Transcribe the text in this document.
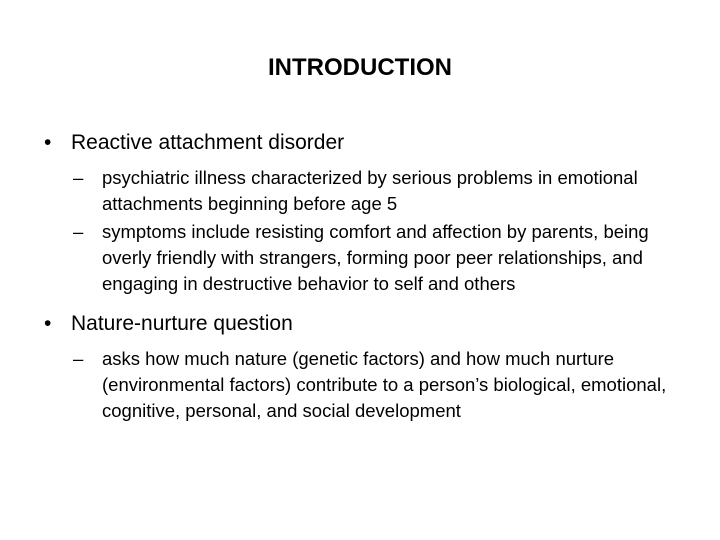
INTRODUCTION
• Reactive attachment disorder
–	psychiatric illness characterized by serious problems in emotional attachments beginning before age 5
–	symptoms include resisting comfort and affection by parents, being overly friendly with strangers, forming poor peer relationships, and engaging in destructive behavior to self and others
• Nature-nurture question
–	asks how much nature (genetic factors) and how much nurture (environmental factors) contribute to a person’s biological, emotional, cognitive, personal, and social development
